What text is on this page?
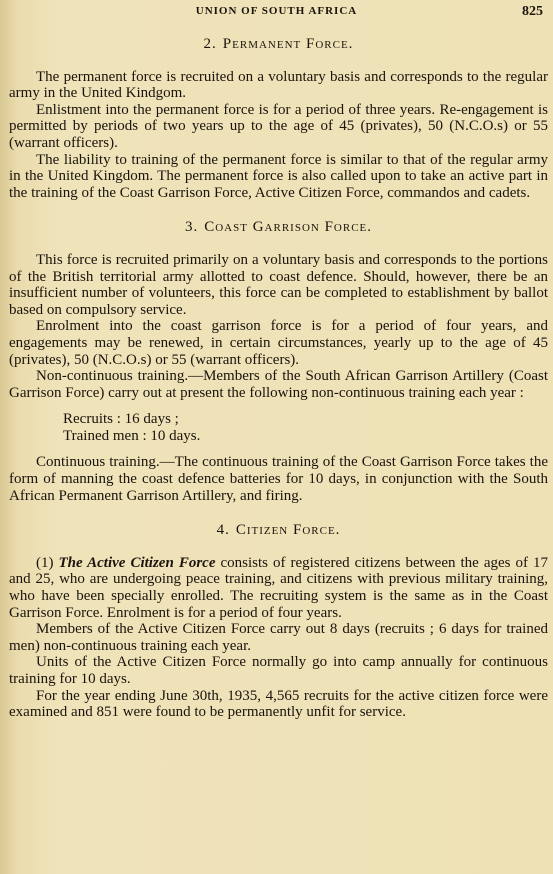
UNION OF SOUTH AFRICA	825
2. Permanent Force.

The permanent force is recruited on a voluntary basis and corresponds to the regular army in the United Kindgom.

Enlistment into the permanent force is for a period of three years. Re-engagement is permitted by periods of two years up to the age of 45 (privates), 50 (N.C.O.s) or 55 (warrant officers).

The liability to training of the permanent force is similar to that of the regular army in the United Kingdom. The permanent force is also called upon to take an active part in the training of the Coast Garrison Force, Active Citizen Force, commandos and cadets.

3. Coast Garrison Force.

This force is recruited primarily on a voluntary basis and corresponds to the portions of the British territorial army allotted to coast defence. Should, however, there be an insufficient number of volunteers, this force can be completed to establishment by ballot based on compulsory service.

Enrolment into the coast garrison force is for a period of four years, and engagements may be renewed, in certain circumstances, yearly up to the age of 45 (privates), 50 (N.C.O.s) or 55 (warrant officers).

Non-continuous training.—Members of the South African Garrison Artillery (Coast Garrison Force) carry out at present the following non-continuous training each year :

Recruits : 16 days ;
Trained men : 10 days.

Continuous training.—The continuous training of the Coast Garrison Force takes the form of manning the coast defence batteries for 10 days, in conjunction with the South African Permanent Garrison Artillery, and firing.

4. Citizen Force.

(1) The Active Citizen Force consists of registered citizens between the ages of 17 and 25, who are undergoing peace training, and citizens with previous military training, who have been specially enrolled. The recruiting system is the same as in the Coast Garrison Force. Enrolment is for a period of four years.

Members of the Active Citizen Force carry out 8 days (recruits ; 6 days for trained men) non-continuous training each year.

Units of the Active Citizen Force normally go into camp annually for continuous training for 10 days.

For the year ending June 30th, 1935, 4,565 recruits for the active citizen force were examined and 851 were found to be permanently unfit for service.
